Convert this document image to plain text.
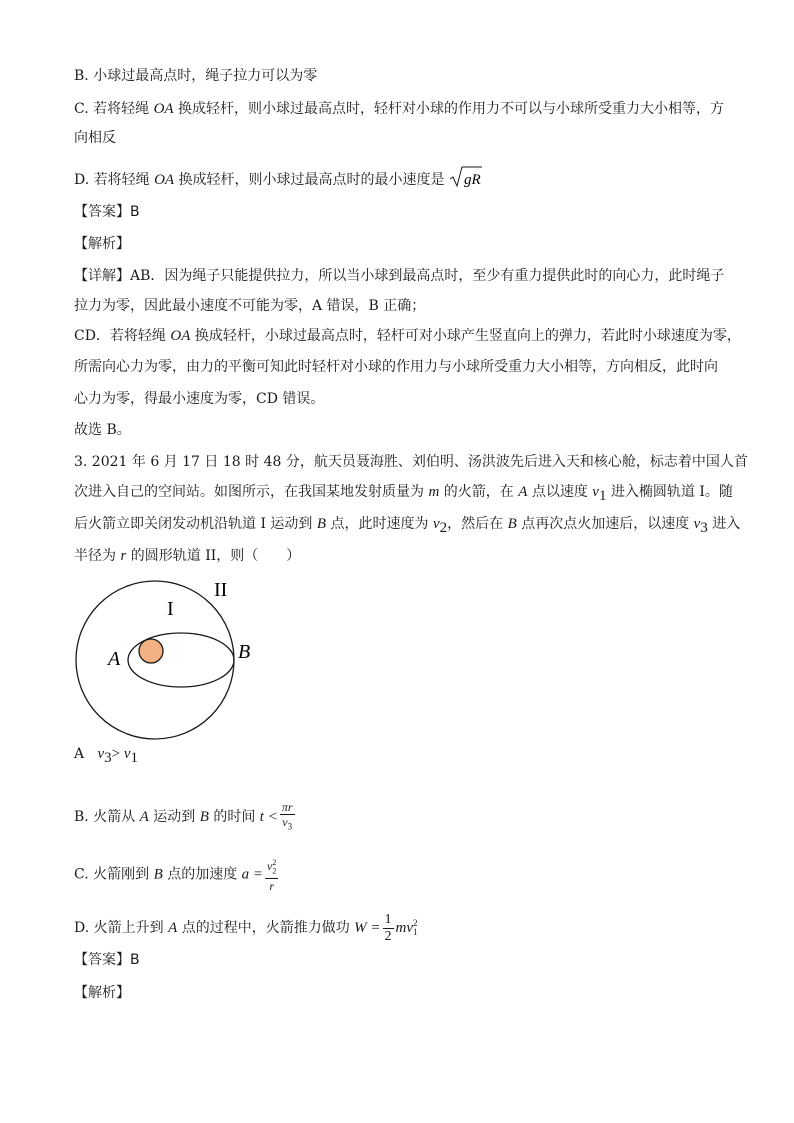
B. 小球过最高点时，绳子拉力可以为零
C. 若将轻绳 OA 换成轻杆，则小球过最高点时，轻杆对小球的作用力不可以与小球所受重力大小相等，方
向相反
D. 若将轻绳 OA 换成轻杆，则小球过最高点时的最小速度是 gR
【答案】B
【解析】
【详解】AB．因为绳子只能提供拉力，所以当小球到最高点时，至少有重力提供此时的向心力，此时绳子
拉力为零，因此最小速度不可能为零，A 错误，B 正确；
CD．若将轻绳 OA 换成轻杆，小球过最高点时，轻杆可对小球产生竖直向上的弹力，若此时小球速度为零，
所需向心力为零，由力的平衡可知此时轻杆对小球的作用力与小球所受重力大小相等，方向相反，此时向
心力为零，得最小速度为零，CD 错误。
故选 B。
3. 2021 年 6 月 17 日 18 时 48 分，航天员聂海胜、刘伯明、汤洪波先后进入天和核心舱，标志着中国人首
次进入自己的空间站。如图所示，在我国某地发射质量为 m 的火箭，在 A 点以速度 $v_1$ 进入椭圆轨道 I。随
后火箭立即关闭发动机沿轨道 I 运动到 B 点，此时速度为 $v_2$，然后在 B 点再次点火加速后，以速度 $v_3$ 进入
半径为 r 的圆形轨道 II，则（　　）
II
I
A	B
A   $v_3> v_1$
B. 火箭从 A 运动到 B 的时间 $t < \frac{\pi r}{v_3}$
C. 火箭刚到 B 点的加速度 $a = \frac{v_2^2}{r}$
D. 火箭上升到 A 点的过程中，火箭推力做功 $W = \frac{1}{2}$ mv 2
1
【答案】B
【解析】
